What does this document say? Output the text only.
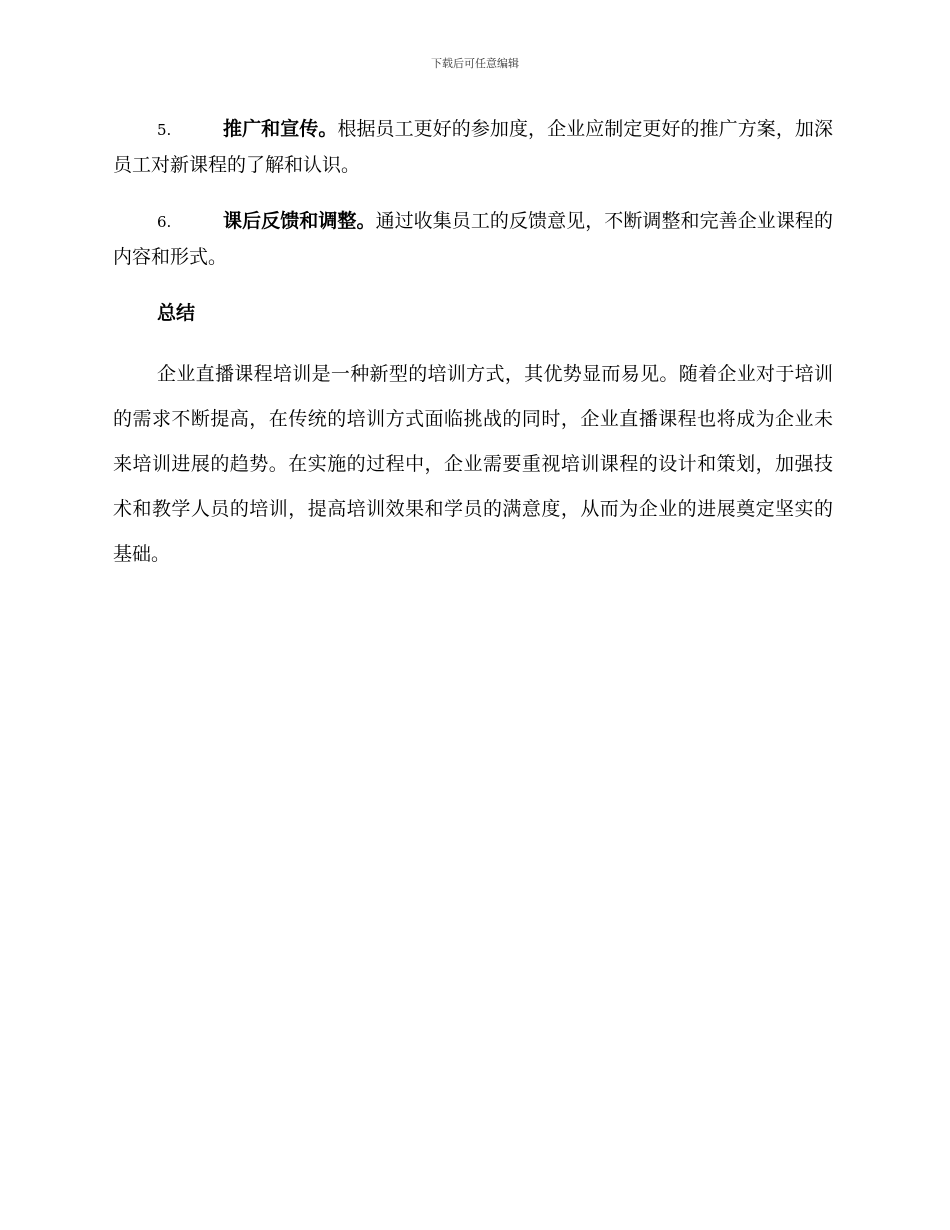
下载后可任意编辑

5.	推广和宣传。根据员工更好的参加度，企业应制定更好的推广方案，加深员工对新课程的了解和认识。

6.	课后反馈和调整。通过收集员工的反馈意见，不断调整和完善企业课程的内容和形式。

总结

企业直播课程培训是一种新型的培训方式，其优势显而易见。随着企业对于培训的需求不断提高，在传统的培训方式面临挑战的同时，企业直播课程也将成为企业未来培训进展的趋势。在实施的过程中，企业需要重视培训课程的设计和策划，加强技术和教学人员的培训，提高培训效果和学员的满意度，从而为企业的进展奠定坚实的基础。
